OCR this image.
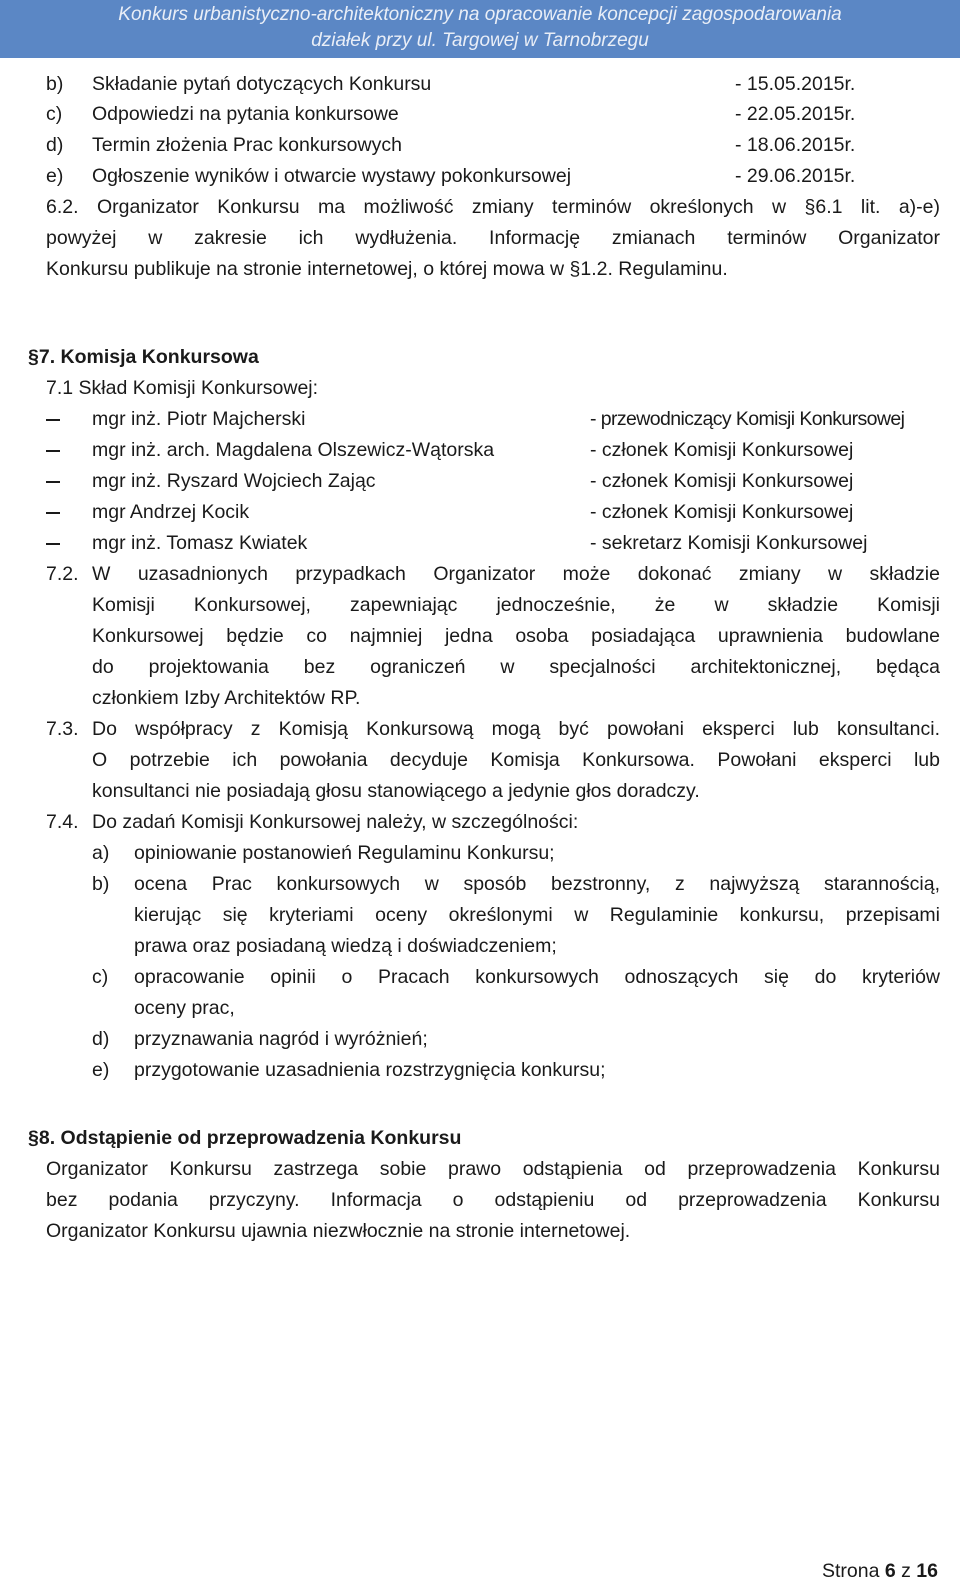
Konkurs urbanistyczno-architektoniczny na opracowanie koncepcji zagospodarowania
działek przy ul. Targowej w Tarnobrzegu
b) Składanie pytań dotyczących Konkursu	- 15.05.2015r.
c) Odpowiedzi na pytania konkursowe	- 22.05.2015r.
d) Termin złożenia Prac konkursowych	- 18.06.2015r.
e) Ogłoszenie wyników i otwarcie wystawy pokonkursowej	- 29.06.2015r.
6.2. Organizator Konkursu ma możliwość zmiany terminów określonych w §6.1 lit. a)-e)
powyżej w zakresie ich wydłużenia. Informację zmianach terminów Organizator
Konkursu publikuje na stronie internetowej, o której mowa w §1.2. Regulaminu.
§7. Komisja Konkursowa
7.1 Skład Komisji Konkursowej:
mgr inż. Piotr Majcherski	- przewodniczący Komisji Konkursowej
mgr inż. arch. Magdalena Olszewicz-Wątorska	- członek Komisji Konkursowej
mgr inż. Ryszard Wojciech Zając	- członek Komisji Konkursowej
mgr Andrzej Kocik	- członek Komisji Konkursowej
mgr inż. Tomasz Kwiatek	- sekretarz Komisji Konkursowej
7.2. W uzasadnionych przypadkach Organizator może dokonać zmiany w składzie
Komisji Konkursowej, zapewniając jednocześnie, że w składzie Komisji
Konkursowej będzie co najmniej jedna osoba posiadająca uprawnienia budowlane
do projektowania bez ograniczeń w specjalności architektonicznej, będąca
członkiem Izby Architektów RP.
7.3. Do współpracy z Komisją Konkursową mogą być powołani eksperci lub konsultanci.
O potrzebie ich powołania decyduje Komisja Konkursowa. Powołani eksperci lub
konsultanci nie posiadają głosu stanowiącego a jedynie głos doradczy.
7.4. Do zadań Komisji Konkursowej należy, w szczególności:
a) opiniowanie postanowień Regulaminu Konkursu;
b) ocena Prac konkursowych w sposób bezstronny, z najwyższą starannością,
kierując się kryteriami oceny określonymi w Regulaminie konkursu, przepisami
prawa oraz posiadaną wiedzą i doświadczeniem;
c) opracowanie opinii o Pracach konkursowych odnoszących się do kryteriów
oceny prac,
d) przyznawania nagród i wyróżnień;
e) przygotowanie uzasadnienia rozstrzygnięcia konkursu;
§8. Odstąpienie od przeprowadzenia Konkursu
Organizator Konkursu zastrzega sobie prawo odstąpienia od przeprowadzenia Konkursu
bez podania przyczyny. Informacja o odstąpieniu od przeprowadzenia Konkursu
Organizator Konkursu ujawnia niezwłocznie na stronie internetowej.
Strona 6 z 16
